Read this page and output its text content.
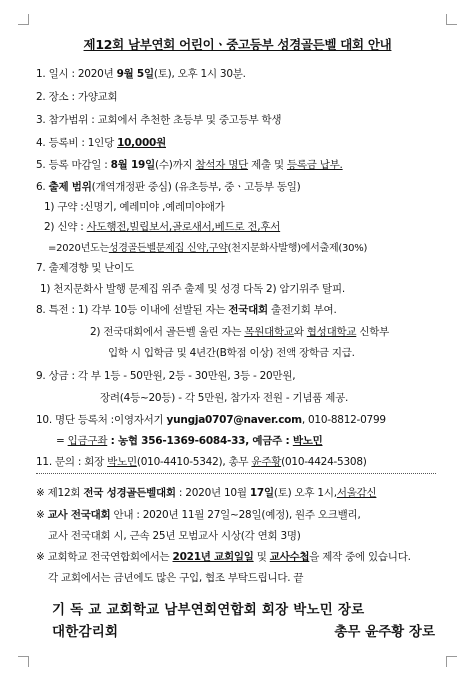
제12회 남부연회 어린이ㆍ중고등부 성경골든벨 대회 안내
1. 일시 : 2020년 9월 5일(토), 오후 1시 30분.
2. 장소 : 가양교회
3. 참가범위 : 교회에서 추천한 초등부 및 중고등부 학생
4. 등록비 : 1인당 10,000원
5. 등록 마감일 : 8월 19일(수)까지 참석자 명단 제출 및 등록금 납부.
6. 출제 범위(개역개정판 중심) (유초등부, 중ㆍ고등부 동일)
1) 구약 :신명기, 예레미야 ,예레미야애가
2) 신약 : 사도행전,빌립보서,골로새서,베드로 전,후서
=2020년도는성경골든벨문제집 신약,구약(천지문화사발행)에서출제(30%)
7. 출제경향 및 난이도
1) 천지문화사 발행 문제집 위주 출제 및 성경 다독 2) 암기위주 탈피.
8. 특전 : 1) 각부 10등 이내에 선발된 자는 전국대회 출전기회 부여.
2) 전국대회에서 골든벨 울린 자는 목원대학교와 협성대학교 신학부
입학 시 입학금 및 4년간(B학점 이상) 전액 장학금 지급.
9. 상금 : 각 부 1등 - 50만원, 2등 - 30만원, 3등 - 20만원,
장려(4등~20등) - 각 5만원, 참가자 전원 - 기념품 제공.
10. 명단 등록처 :이영자서기 yungja0707@naver.com, 010-8812-0799
= 입금구좌 : 농협 356-1369-6084-33, 예금주 : 박노민
11. 문의 : 회장 박노민(010-4410-5342), 총무 윤주황(010-4424-5308)
※ 제12회 전국 성경골든벨대회 : 2020년 10월 17일(토) 오후 1시,서울감신
※ 교사 전국대회 안내 : 2020년 11월 27일~28일(예정), 원주 오크밸리,
교사 전국대회 시, 근속 25년 모범교사 시상(각 연회 3명)
※ 교회학교 전국연합회에서는 2021년 교회일일 및 교사수첩을 제작 중에 있습니다.
각 교회에서는 금년에도 많은 구입, 협조 부탁드립니다. 끝
기 독 교 교회학교 남부연회연합회 회장 박노민 장로
대한감리회	총무 윤주황 장로
